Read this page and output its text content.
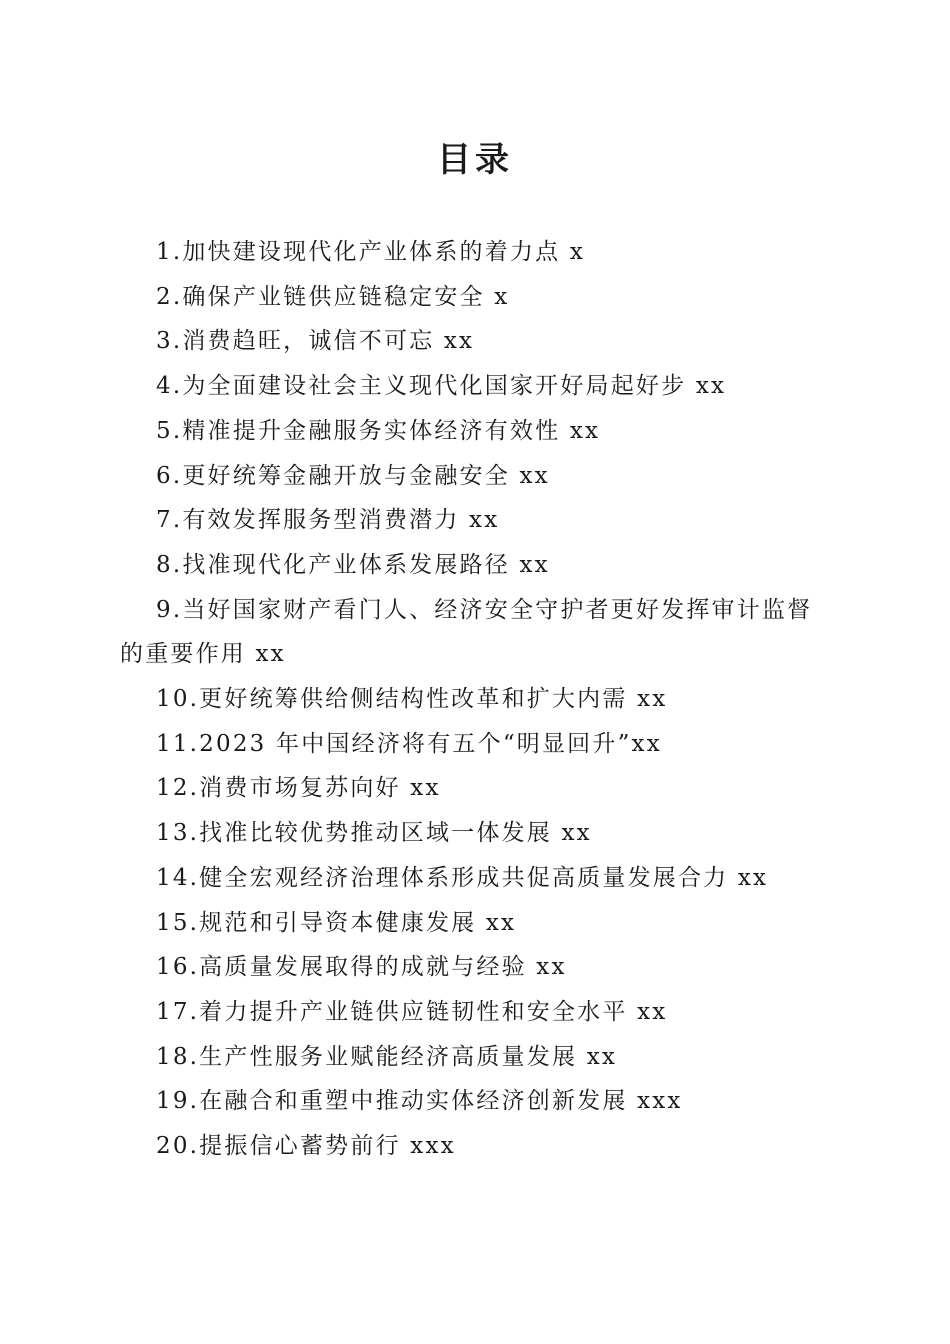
目录
1.加快建设现代化产业体系的着力点 x
2.确保产业链供应链稳定安全 x
3.消费趋旺，诚信不可忘 xx
4.为全面建设社会主义现代化国家开好局起好步 xx
5.精准提升金融服务实体经济有效性 xx
6.更好统筹金融开放与金融安全 xx
7.有效发挥服务型消费潜力 xx
8.找准现代化产业体系发展路径 xx
9.当好国家财产看门人、经济安全守护者更好发挥审计监督的重要作用 xx
10.更好统筹供给侧结构性改革和扩大内需 xx
11.2023 年中国经济将有五个“明显回升”xx
12.消费市场复苏向好 xx
13.找准比较优势推动区域一体发展 xx
14.健全宏观经济治理体系形成共促高质量发展合力 xx
15.规范和引导资本健康发展 xx
16.高质量发展取得的成就与经验 xx
17.着力提升产业链供应链韧性和安全水平 xx
18.生产性服务业赋能经济高质量发展 xx
19.在融合和重塑中推动实体经济创新发展 xxx
20.提振信心蓄势前行 xxx
